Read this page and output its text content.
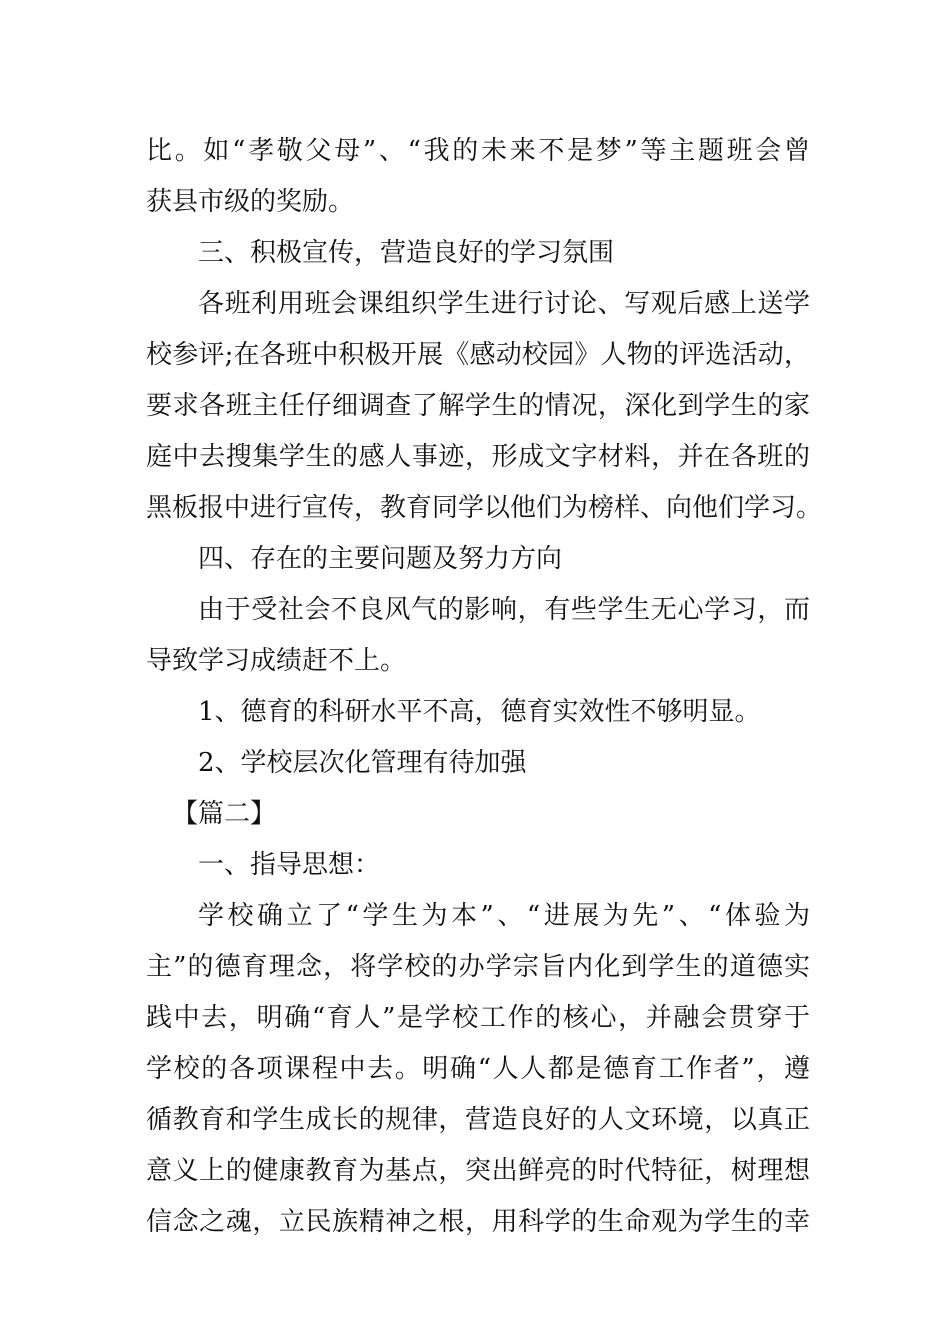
比。如“孝敬父母”、“我的未来不是梦”等主题班会曾
获县市级的奖励。
三、积极宣传，营造良好的学习氛围
各班利用班会课组织学生进行讨论、写观后感上送学
校参评;在各班中积极开展《感动校园》人物的评选活动，
要求各班主任仔细调查了解学生的情况，深化到学生的家
庭中去搜集学生的感人事迹，形成文字材料，并在各班的
黑板报中进行宣传，教育同学以他们为榜样、向他们学习。
四、存在的主要问题及努力方向
由于受社会不良风气的影响，有些学生无心学习，而
导致学习成绩赶不上。
1、德育的科研水平不高，德育实效性不够明显。
2、学校层次化管理有待加强
【篇二】
一、指导思想：
学校确立了“学生为本”、“进展为先”、“体验为
主”的德育理念，将学校的办学宗旨内化到学生的道德实
践中去，明确“育人”是学校工作的核心，并融会贯穿于
学校的各项课程中去。明确“人人都是德育工作者”，遵
循教育和学生成长的规律，营造良好的人文环境，以真正
意义上的健康教育为基点，突出鲜亮的时代特征，树理想
信念之魂，立民族精神之根，用科学的生命观为学生的幸
